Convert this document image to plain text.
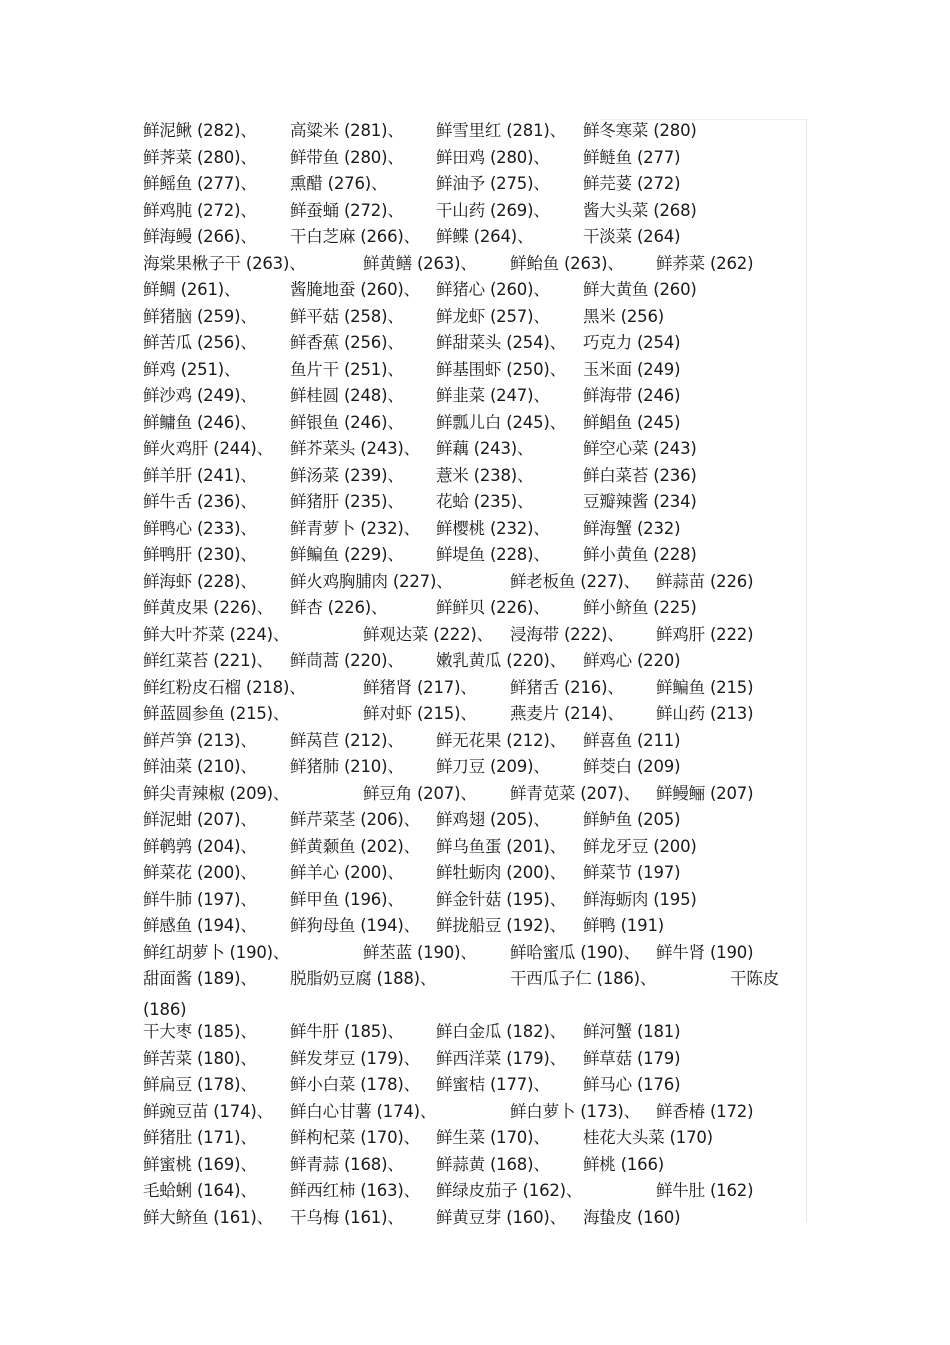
鲜泥鳅 (282)、 高粱米 (281)、 鲜雪里红 (281)、 鲜冬寒菜 (280)
鲜荠菜 (280)、 鲜带鱼 (280)、 鲜田鸡 (280)、 鲜鲢鱼 (277)
鲜鳐鱼 (277)、 熏醋 (276)、	鲜油予 (275)、 鲜芫荽 (272)
鲜鸡肫 (272)、 鲜蚕蛹 (272)、 干山药 (269)、 酱大头菜 (268)
鲜海鳗 (266)、 干白芝麻 (266)、 鲜鲽 (264)、	干淡菜 (264)
海棠果楸子干 (263)、	鲜黄鳝 (263)、 鲜鲐鱼 (263)、 鲜荞菜 (262)
鲜鲷 (261)、	酱腌地蚕 (260)、 鲜猪心 (260)、 鲜大黄鱼 (260)
鲜猪脑 (259)、 鲜平菇 (258)、 鲜龙虾 (257)、 黑米 (256)
鲜苦瓜 (256)、 鲜香蕉 (256)、 鲜甜菜头 (254)、 巧克力 (254)
鲜鸡 (251)、	鱼片干 (251)、 鲜基围虾 (250)、 玉米面 (249)
鲜沙鸡 (249)、 鲜桂圆 (248)、 鲜韭菜 (247)、 鲜海带 (246)
鲜鳙鱼 (246)、 鲜银鱼 (246)、 鲜瓢儿白 (245)、 鲜鲳鱼 (245)
鲜火鸡肝 (244)、 鲜芥菜头 (243)、 鲜藕 (243)、	鲜空心菜 (243)
鲜羊肝 (241)、 鲜汤菜 (239)、 薏米 (238)、	鲜白菜苔 (236)
鲜牛舌 (236)、 鲜猪肝 (235)、 花蛤 (235)、	豆瓣辣酱 (234)
鲜鸭心 (233)、 鲜青萝卜 (232)、 鲜樱桃 (232)、 鲜海蟹 (232)
鲜鸭肝 (230)、 鲜鳊鱼 (229)、 鲜堤鱼 (228)、 鲜小黄鱼 (228)
鲜海虾 (228)、 鲜火鸡胸脯肉 (227)、	鲜老板鱼 (227)、 鲜蒜苗 (226)
鲜黄皮果 (226)、 鲜杏 (226)、	鲜鲜贝 (226)、 鲜小鲚鱼 (225)
鲜大叶芥菜 (224)、	鲜观达菜 (222)、 浸海带 (222)、 鲜鸡肝 (222)
鲜红菜苔 (221)、 鲜茼蒿 (220)、 嫩乳黄瓜 (220)、 鲜鸡心 (220)
鲜红粉皮石榴 (218)、	鲜猪肾 (217)、 鲜猪舌 (216)、 鲜鳊鱼 (215)
鲜蓝圆参鱼 (215)、	鲜对虾 (215)、 燕麦片 (214)、 鲜山药 (213)
鲜芦笋 (213)、 鲜莴苣 (212)、 鲜无花果 (212)、 鲜喜鱼 (211)
鲜油菜 (210)、 鲜猪肺 (210)、 鲜刀豆 (209)、 鲜茭白 (209)
鲜尖青辣椒 (209)、	鲜豆角 (207)、 鲜青苋菜 (207)、 鲜鳗鲡 (207)
鲜泥蚶 (207)、 鲜芹菜茎 (206)、 鲜鸡翅 (205)、 鲜鲈鱼 (205)
鲜鹌鹑 (204)、 鲜黄颡鱼 (202)、 鲜乌鱼蛋 (201)、 鲜龙牙豆 (200)
鲜菜花 (200)、 鲜羊心 (200)、 鲜牡蛎肉 (200)、 鲜菜节 (197)
鲜牛肺 (197)、 鲜甲鱼 (196)、 鲜金针菇 (195)、 鲜海蛎肉 (195)
鲜感鱼 (194)、 鲜狗母鱼 (194)、 鲜拢船豆 (192)、 鲜鸭 (191)
鲜红胡萝卜 (190)、	鲜苤蓝 (190)、 鲜哈蜜瓜 (190)、 鲜牛肾 (190)
甜面酱 (189)、 脱脂奶豆腐 (188)、	干西瓜子仁 (186)、	干陈皮
(186)
干大枣 (185)、 鲜牛肝 (185)、 鲜白金瓜 (182)、 鲜河蟹 (181)
鲜苦菜 (180)、 鲜发芽豆 (179)、 鲜西洋菜 (179)、 鲜草菇 (179)
鲜扁豆 (178)、 鲜小白菜 (178)、 鲜蜜桔 (177)、 鲜马心 (176)
鲜豌豆苗 (174)、 鲜白心甘薯 (174)、	鲜白萝卜 (173)、 鲜香椿 (172)
鲜猪肚 (171)、 鲜枸杞菜 (170)、 鲜生菜 (170)、 桂花大头菜 (170)
鲜蜜桃 (169)、 鲜青蒜 (168)、 鲜蒜黄 (168)、 鲜桃 (166)
毛蛤蜊 (164)、 鲜西红柿 (163)、 鲜绿皮茄子 (162)、	鲜牛肚 (162)
鲜大鲚鱼 (161)、 干乌梅 (161)、 鲜黄豆芽 (160)、 海蛰皮 (160)
